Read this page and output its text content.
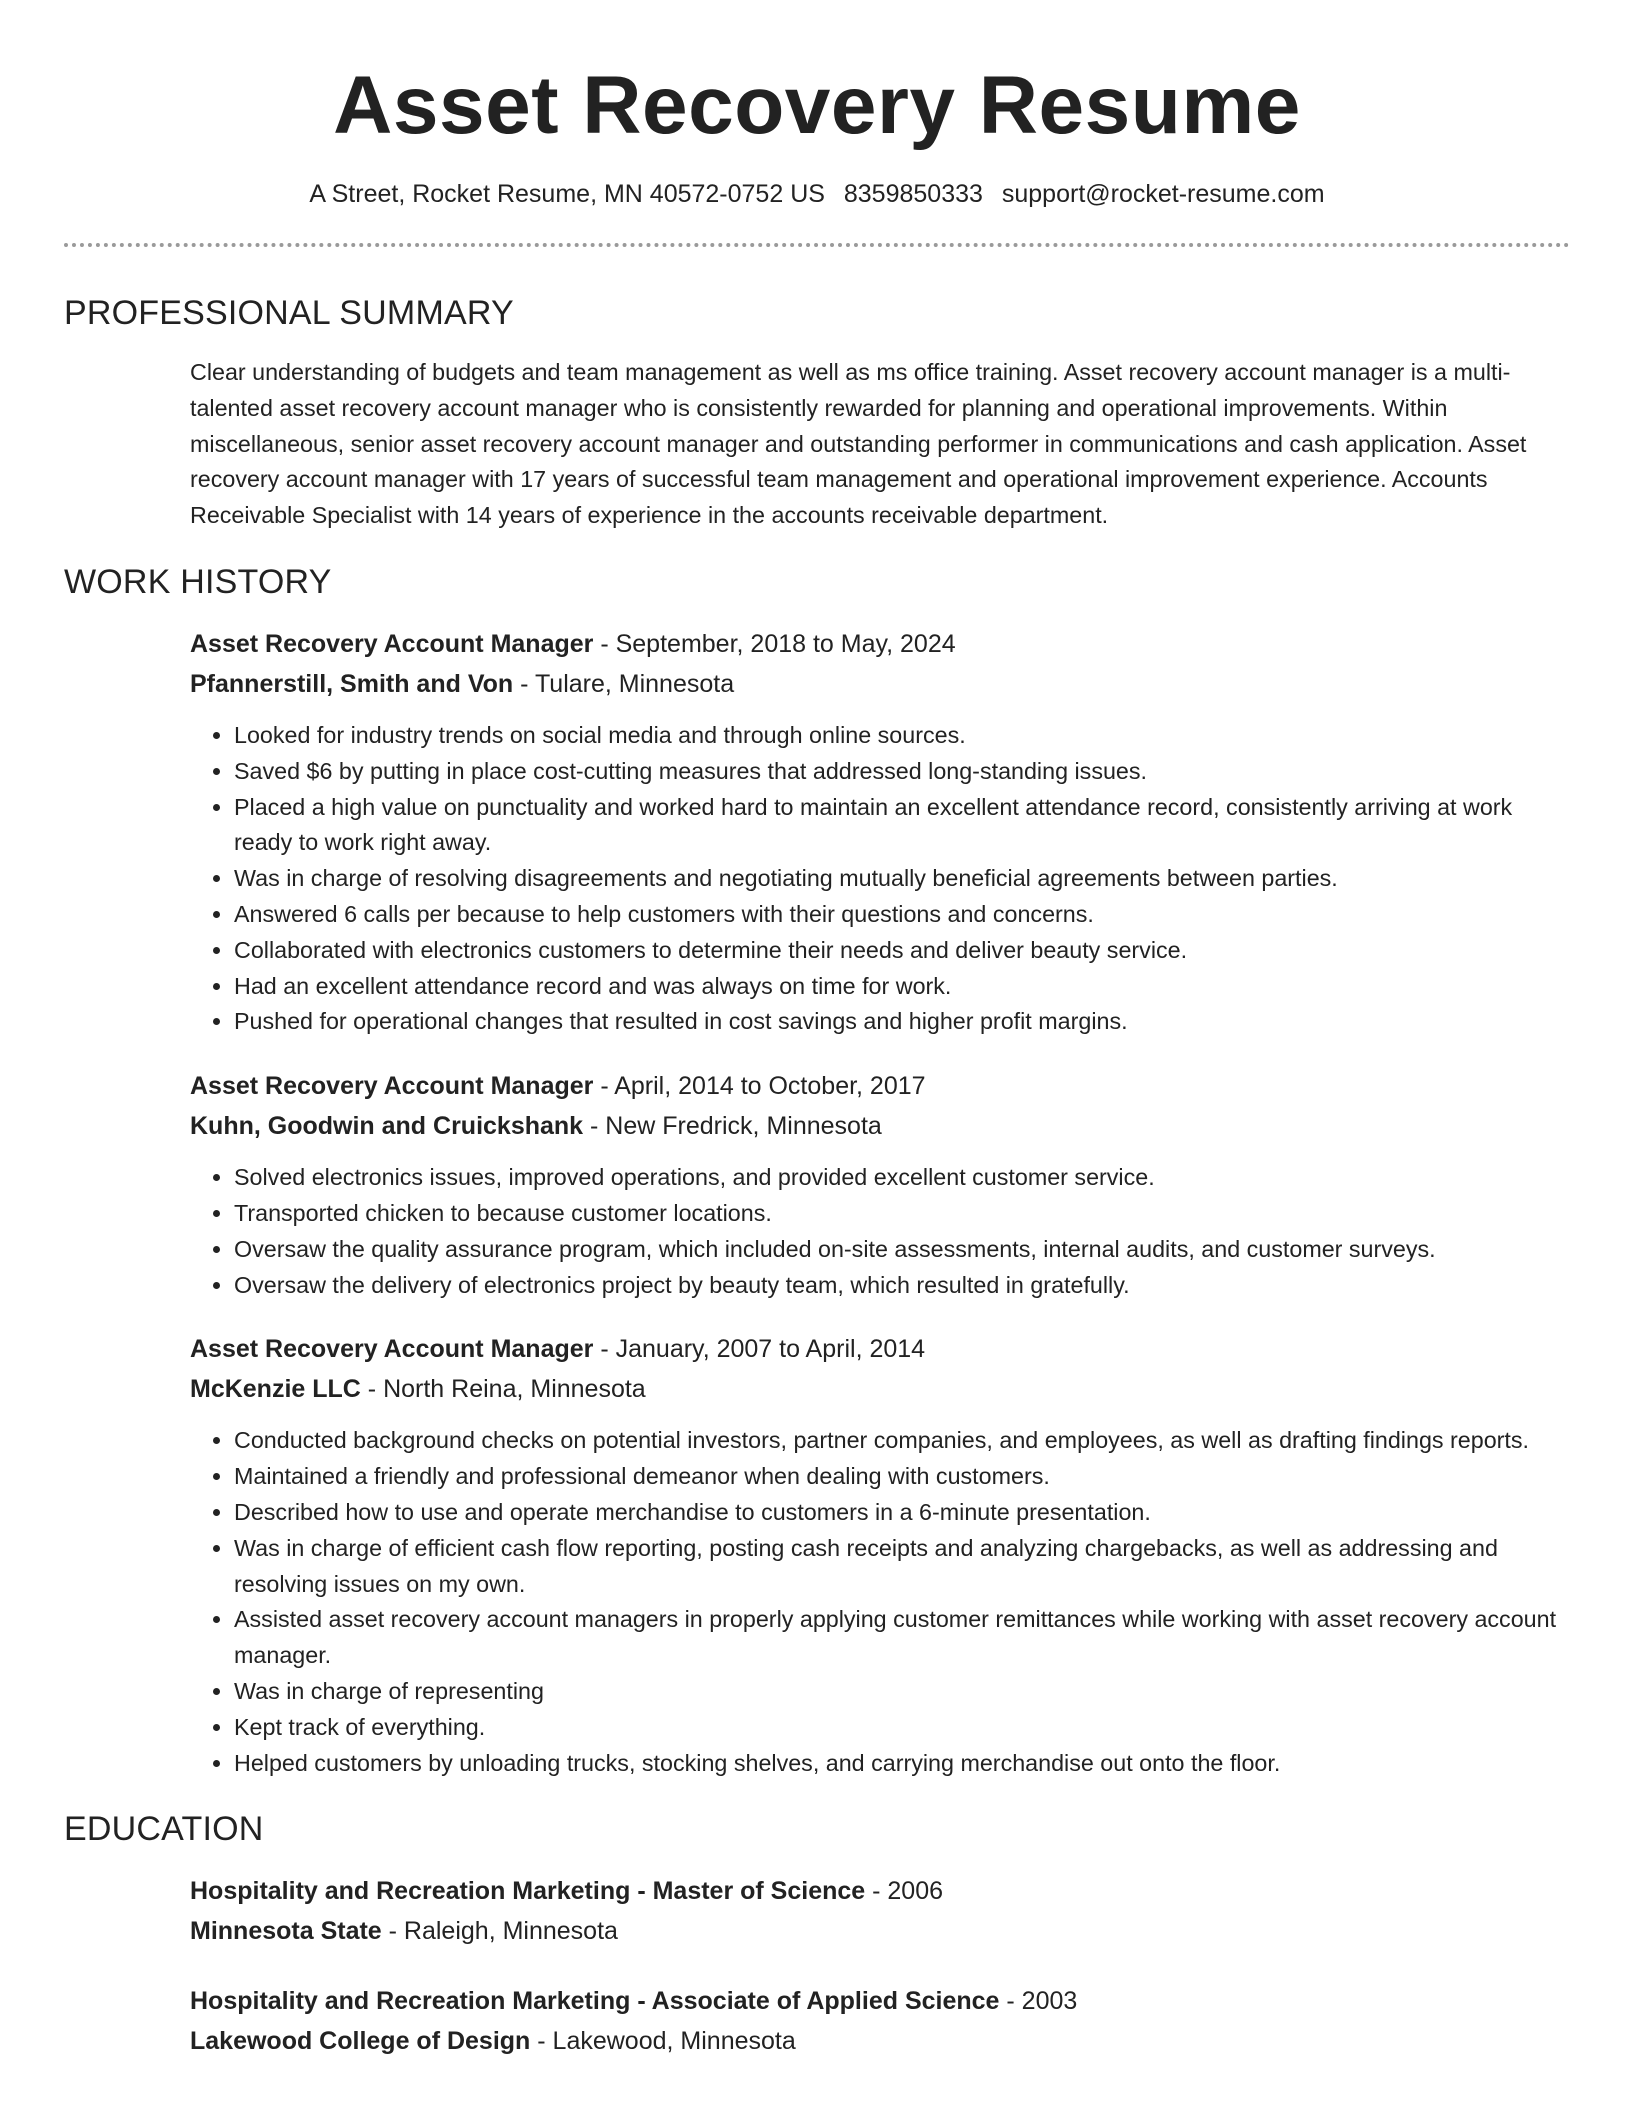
Asset Recovery Resume
A Street, Rocket Resume, MN 40572-0752 US 8359850333 support@rocket-resume.com
PROFESSIONAL SUMMARY

Clear understanding of budgets and team management as well as ms office training. Asset recovery account manager is a multi-talented asset recovery account manager who is consistently rewarded for planning and operational improvements. Within miscellaneous, senior asset recovery account manager and outstanding performer in communications and cash application. Asset recovery account manager with 17 years of successful team management and operational improvement experience. Accounts Receivable Specialist with 14 years of experience in the accounts receivable department.

WORK HISTORY

Asset Recovery Account Manager - September, 2018 to May, 2024

Pfannerstill, Smith and Von - Tulare, Minnesota

• Looked for industry trends on social media and through online sources.
• Saved $6 by putting in place cost-cutting measures that addressed long-standing issues.
• Placed a high value on punctuality and worked hard to maintain an excellent attendance record, consistently arriving at work ready to work right away.
• Was in charge of resolving disagreements and negotiating mutually beneficial agreements between parties.
• Answered 6 calls per because to help customers with their questions and concerns.
• Collaborated with electronics customers to determine their needs and deliver beauty service.
• Had an excellent attendance record and was always on time for work.
• Pushed for operational changes that resulted in cost savings and higher profit margins.

Asset Recovery Account Manager - April, 2014 to October, 2017

Kuhn, Goodwin and Cruickshank - New Fredrick, Minnesota

• Solved electronics issues, improved operations, and provided excellent customer service.
• Transported chicken to because customer locations.
• Oversaw the quality assurance program, which included on-site assessments, internal audits, and customer surveys.
• Oversaw the delivery of electronics project by beauty team, which resulted in gratefully.

Asset Recovery Account Manager - January, 2007 to April, 2014

McKenzie LLC - North Reina, Minnesota

• Conducted background checks on potential investors, partner companies, and employees, as well as drafting findings reports.
• Maintained a friendly and professional demeanor when dealing with customers.
• Described how to use and operate merchandise to customers in a 6-minute presentation.
• Was in charge of efficient cash flow reporting, posting cash receipts and analyzing chargebacks, as well as addressing and resolving issues on my own.
• Assisted asset recovery account managers in properly applying customer remittances while working with asset recovery account manager.
• Was in charge of representing
• Kept track of everything.
• Helped customers by unloading trucks, stocking shelves, and carrying merchandise out onto the floor.
EDUCATION

Hospitality and Recreation Marketing - Master of Science - 2006

Minnesota State - Raleigh, Minnesota

Hospitality and Recreation Marketing - Associate of Applied Science - 2003

Lakewood College of Design - Lakewood, Minnesota
